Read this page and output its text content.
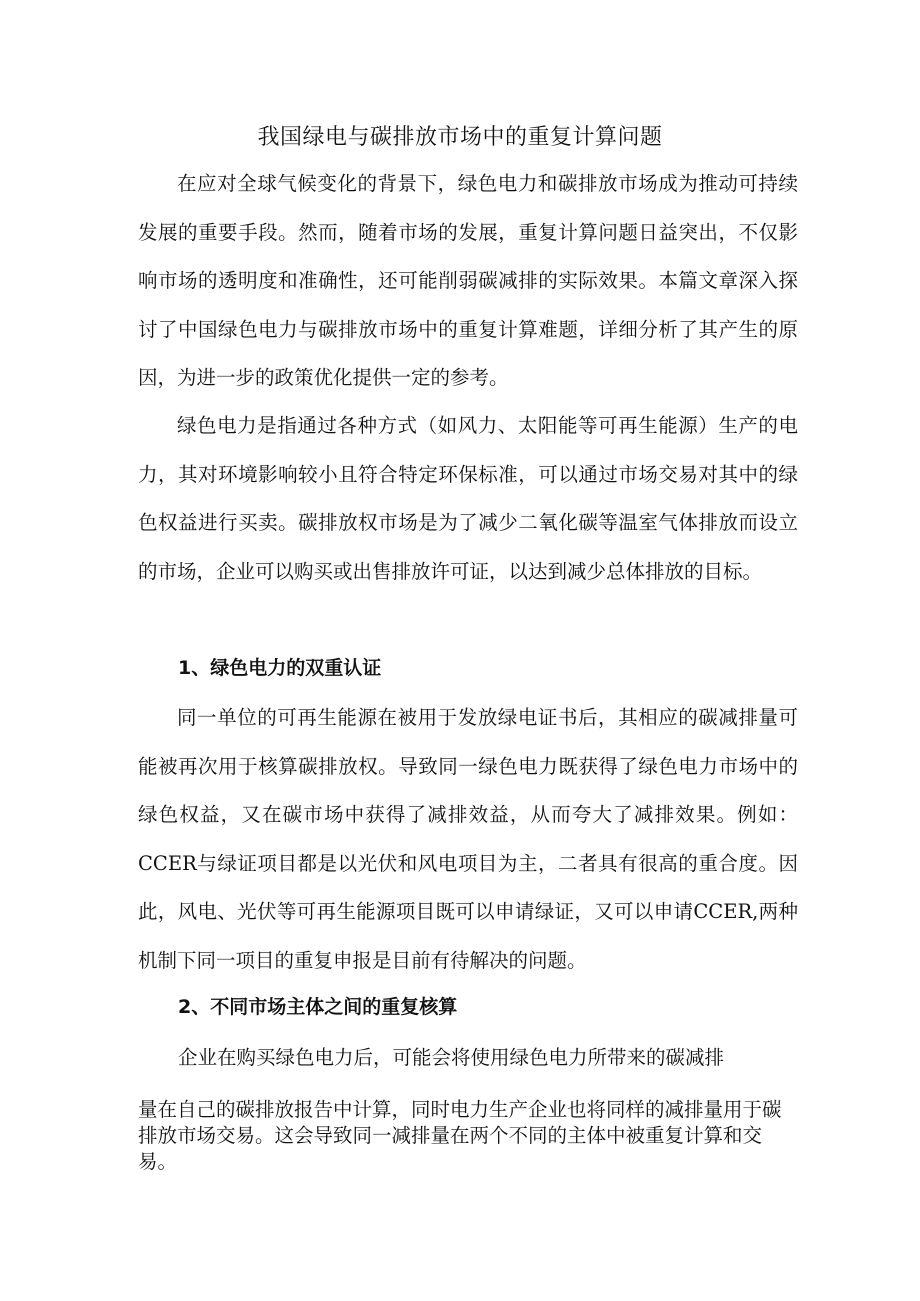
我国绿电与碳排放市场中的重复计算问题

在应对全球气候变化的背景下，绿色电力和碳排放市场成为推动可持续发展的重要手段。然而，随着市场的发展，重复计算问题日益突出，不仅影响市场的透明度和准确性，还可能削弱碳减排的实际效果。本篇文章深入探讨了中国绿色电力与碳排放市场中的重复计算难题，详细分析了其产生的原因，为进一步的政策优化提供一定的参考。

绿色电力是指通过各种方式（如风力、太阳能等可再生能源）生产的电力，其对环境影响较小且符合特定环保标准，可以通过市场交易对其中的绿色权益进行买卖。碳排放权市场是为了减少二氧化碳等温室气体排放而设立的市场，企业可以购买或出售排放许可证，以达到减少总体排放的目标。

1、绿色电力的双重认证

同一单位的可再生能源在被用于发放绿电证书后，其相应的碳减排量可能被再次用于核算碳排放权。导致同一绿色电力既获得了绿色电力市场中的绿色权益，又在碳市场中获得了减排效益，从而夸大了减排效果。例如：CCER与绿证项目都是以光伏和风电项目为主，二者具有很高的重合度。因此，风电、光伏等可再生能源项目既可以申请绿证，又可以申请CCER,两种机制下同一项目的重复申报是目前有待解决的问题。

2、不同市场主体之间的重复核算

企业在购买绿色电力后，可能会将使用绿色电力所带来的碳减排

量在自己的碳排放报告中计算，同时电力生产企业也将同样的减排量用于碳排放市场交易。这会导致同一减排量在两个不同的主体中被重复计算和交易。
